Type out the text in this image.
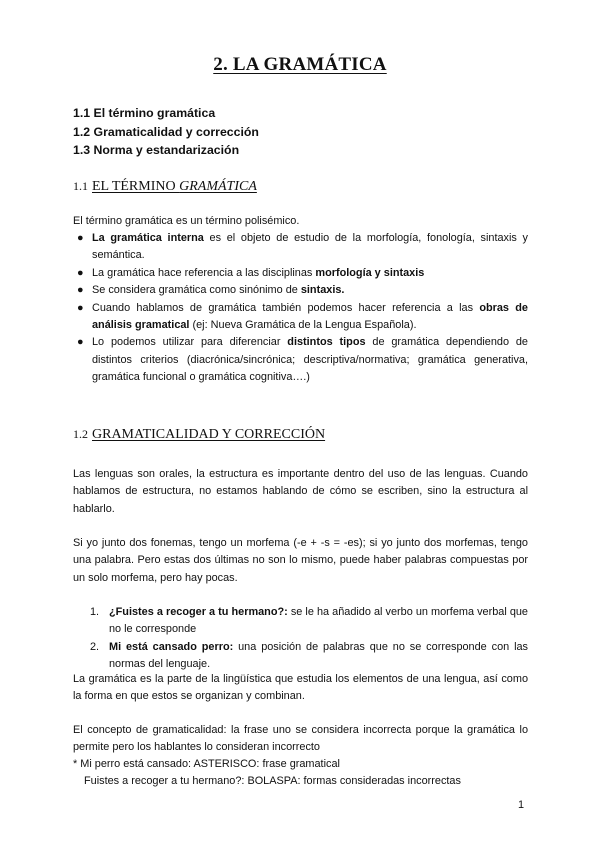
2. LA GRAMÁTICA
1.1 El término gramática
1.2 Gramaticalidad y corrección
1.3 Norma y estandarización
1.1 EL TÉRMINO GRAMÁTICA

El término gramática es un término polisémico.

● La gramática interna es el objeto de estudio de la morfología, fonología, sintaxis y semántica.
● La gramática hace referencia a las disciplinas morfología y sintaxis
● Se considera gramática como sinónimo de sintaxis.
● Cuando hablamos de gramática también podemos hacer referencia a las obras de análisis gramatical (ej: Nueva Gramática de la Lengua Española).
● Lo podemos utilizar para diferenciar distintos tipos de gramática dependiendo de distintos criterios (diacrónica/sincrónica; descriptiva/normativa; gramática generativa, gramática funcional o gramática cognitiva….)
1.2 GRAMATICALIDAD Y CORRECCIÓN

Las lenguas son orales, la estructura es importante dentro del uso de las lenguas. Cuando hablamos de estructura, no estamos hablando de cómo se escriben, sino la estructura al hablarlo.

Si yo junto dos fonemas, tengo un morfema (-e + -s = -es); si yo junto dos morfemas, tengo una palabra. Pero estas dos últimas no son lo mismo, puede haber palabras compuestas por un solo morfema, pero hay pocas.

1. ¿Fuistes a recoger a tu hermano?: se le ha añadido al verbo un morfema verbal que no le corresponde
2. Mi está cansado perro: una posición de palabras que no se corresponde con las normas del lenguaje.

La gramática es la parte de la lingüística que estudia los elementos de una lengua, así como la forma en que estos se organizan y combinan.

El concepto de gramaticalidad: la frase uno se considera incorrecta porque la gramática lo permite pero los hablantes lo consideran incorrecto

* Mi perro está cansado: ASTERISCO: frase gramatical

Fuistes a recoger a tu hermano?: BOLASPA: formas consideradas incorrectas

1
